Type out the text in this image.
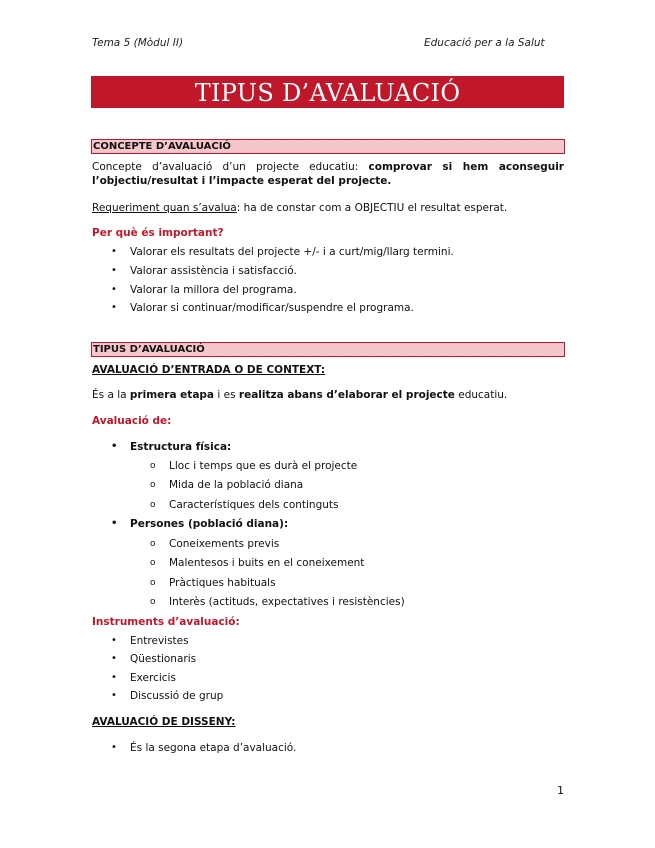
Tema 5 (Mòdul II)	Educació per a la Salut
TIPUS D’AVALUACIÓ
CONCEPTE D’AVALUACIÓ
Concepte d’avaluació d’un projecte educatiu: comprovar si hem aconseguir l’objectiu/resultat i l’impacte esperat del projecte.
Requeriment quan s’avalua: ha de constar com a OBJECTIU el resultat esperat.
Per què és important?
• Valorar els resultats del projecte +/- i a curt/mig/llarg termini.
• Valorar assistència i satisfacció.
• Valorar la millora del programa.
• Valorar si continuar/modificar/suspendre el programa.
TIPUS D’AVALUACIÓ
AVALUACIÓ D’ENTRADA O DE CONTEXT:
És a la primera etapa i es realitza abans d’elaborar el projecte educatiu.
Avaluació de:
• Estructura física:
o Lloc i temps que es durà el projecte
o Mida de la població diana
o Característiques dels continguts
• Persones (població diana):
o Coneixements previs
o Malentesos i buits en el coneixement
o Pràctiques habituals
o Interès (actituds, expectatives i resistències)
Instruments d’avaluació:
• Entrevistes
• Qüestionaris
• Exercicis
• Discussió de grup
AVALUACIÓ DE DISSENY:
• És la segona etapa d’avaluació.
1
